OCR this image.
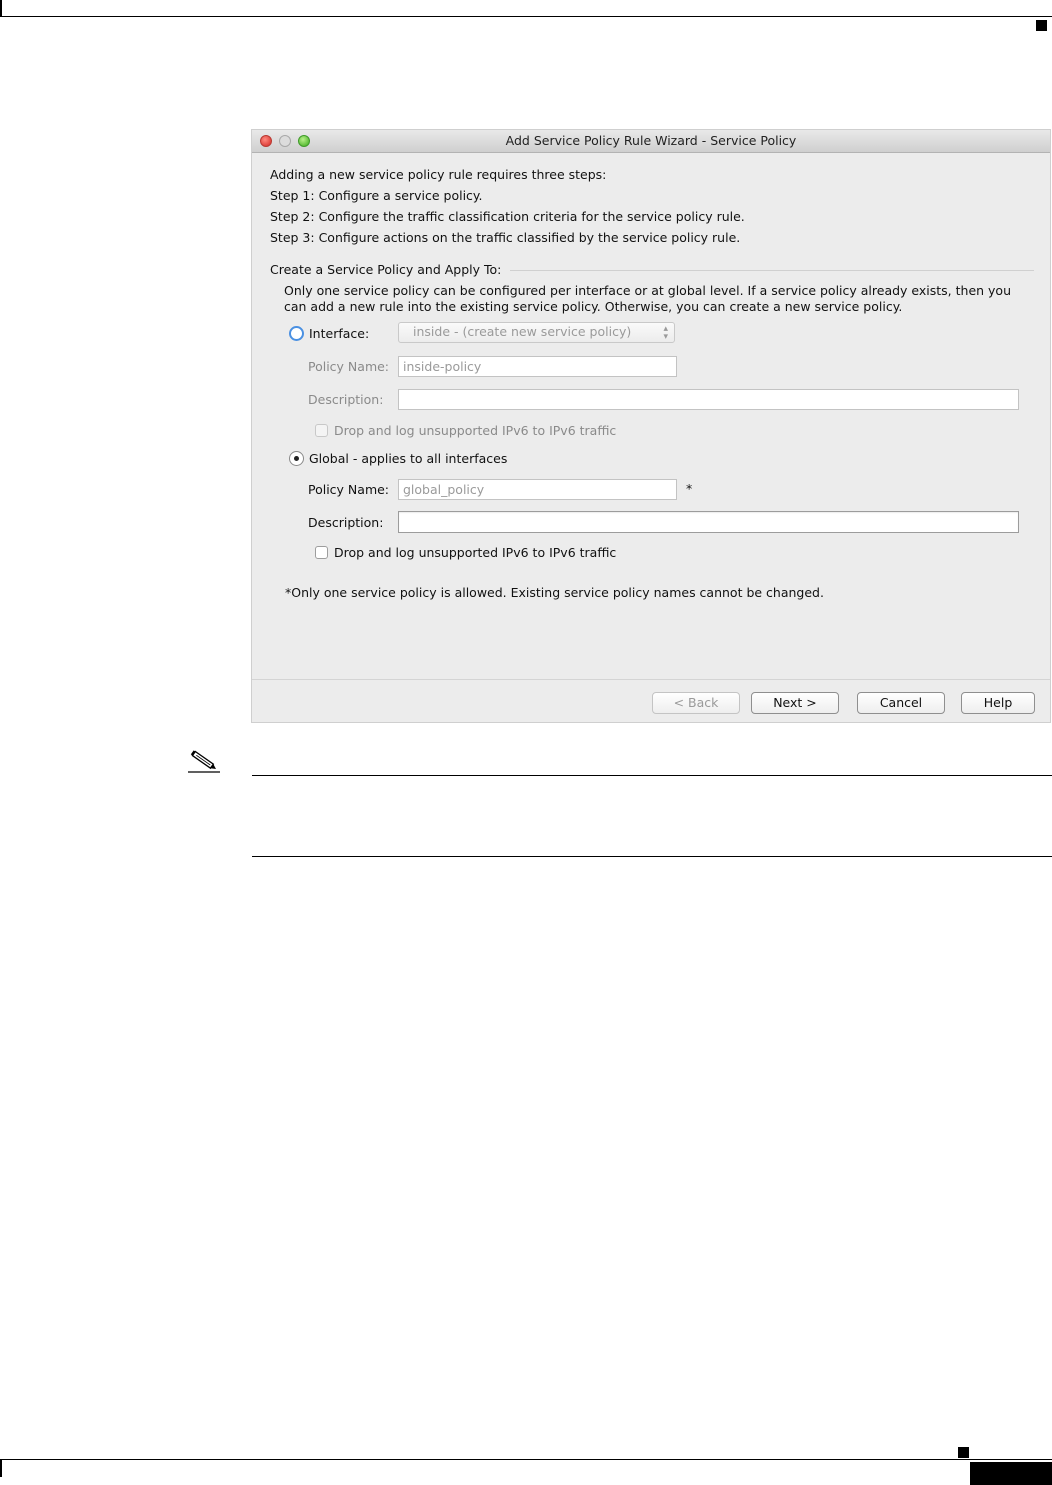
Add Service Policy Rule Wizard - Service Policy
Adding a new service policy rule requires three steps:
Step 1: Configure a service policy.
Step 2: Configure the traffic classification criteria for the service policy rule.
Step 3: Configure actions on the traffic classified by the service policy rule.
Create a Service Policy and Apply To:
Only one service policy can be configured per interface or at global level. If a service policy already exists, then you
can add a new rule into the existing service policy. Otherwise, you can create a new service policy.
Interface:	inside - (create new service policy)	▴
▾
Policy Name:	inside-policy
Description:
Drop and log unsupported IPv6 to IPv6 traffic
Global - applies to all interfaces
Policy Name:	global_policy	*
Description:
Drop and log unsupported IPv6 to IPv6 traffic
*Only one service policy is allowed. Existing service policy names cannot be changed.
< Back	Next >	Cancel	Help
